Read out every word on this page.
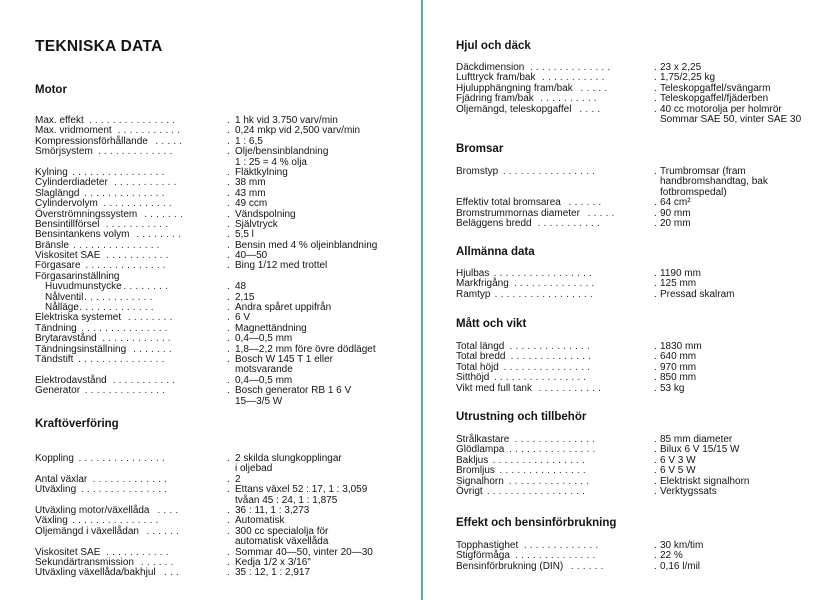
TEKNISKA DATA
Motor
. . . . . . . . . . . . . . .
Max. effekt	. 1 hk vid 3.750 varv/min
. . . . . . . . . . .
Max. vridmoment	. 0,24 mkp vid 2,500 varv/min
. . . . .
Kompressionsförhållande	. 1 : 6,5
. . . . . . . . . . . . .
Smörjsystem	. Olje/bensinblandning
1 : 25 = 4 % olja
. . . . . . . . . . . . . . . .
Kylning	. Fläktkylning
. . . . . . . . . . .
Cylinderdiadeter	. 38 mm
. . . . . . . . . . . . . .
Slaglängd	. 43 mm
. . . . . . . . . . . .
Cylindervolym	. 49 ccm
. . . . . . .
Överströmningssystem	. Vändspolning
. . . . . . . . . . .
Bensintillförsel	. Självtryck
. . . . . . . .
Bensintankens volym	. 5,5 l
. . . . . . . . . . . . . . .
Bränsle	. Bensin med 4 % oljeinblandning
. . . . . . . . . . .
Viskositet SAE	. 40—50
. . . . . . . . . . . . . .
Förgasare	. Bing 1/12 med trottel
Förgasarinställning
. . . . . . . . .
Huvudmunstycke	. 48
. . . . . . . . . . . . .
Nålventil	. 2,15
. . . . . . . . . . . . . .
Nålläge	. Andra spåret uppifrån
. . . . . . . .
Elektriska systemet	. 6 V
. . . . . . . . . . . . . . .
Tändning	. Magnettändning
. . . . . . . . . . . .
Brytaravstånd	. 0,4—0,5 mm
. . . . . . .
Tändningsinställning	. 1,8—2,2 mm före övre dödläget
. . . . . . . . . . . . . . .
Tändstift	. Bosch W 145 T 1 eller
motsvarande
. . . . . . . . . . .
Elektrodavstånd	. 0,4—0,5 mm
. . . . . . . . . . . . . .
Generator	. Bosch generator RB 1 6 V
15—3/5 W
Kraftöverföring
. . . . . . . . . . . . . . .
Koppling	. 2 skilda slungkopplingar
i oljebad
. . . . . . . . . . . . .
Antal växlar	. 2
. . . . . . . . . . . . . . .
Utväxling	. Ettans växel 52 : 17, 1 : 3,059
tvåan 45 : 24, 1 : 1,875
. . . .
Utväxling motor/växellåda	. 36 : 11, 1 : 3,273
. . . . . . . . . . . . . . .
Växling	. Automatisk
. . . . . .
Oljemängd i växellådan	. 300 cc specialolja för
automatisk växellåda
. . . . . . . . . . .
Viskositet SAE	. Sommar 40—50, vinter 20—30
. . . . . .
Sekundärtransmission	. Kedja 1/2 x 3/16"
. . .
Utväxling växellåda/bakhjul	. 35 : 12, 1 : 2,917
Hjul och däck
. . . . . . . . . . . . . .
Däckdimension	. 23 x 2,25
. . . . . . . . . . .
Lufttryck fram/bak	. 1,75/2,25 kg
. . . . .
Hjulupphängning fram/bak	. Teleskopgaffel/svängarm
. . . . . . . . . .
Fjädring fram/bak	. Teleskopgaffel/fjäderben
. . . .
Oljemängd, teleskopgaffel	. 40 cc motorolja per holmrör
Sommar SAE 50, vinter SAE 30
Bromsar
. . . . . . . . . . . . . . . .
Bromstyp	. Trumbromsar (fram
handbromshandtag, bak
fotbromspedal)
. . . . . .
Effektiv total bromsarea	. 64 cm²
. . . . .
Bromstrummornas diameter	. 90 mm
. . . . . . . . . . .
Beläggens bredd	. 20 mm
Allmänna data
. . . . . . . . . . . . . . . . .
Hjulbas	. 1190 mm
. . . . . . . . . . . . . .
Markfrigång	. 125 mm
. . . . . . . . . . . . . . . . .
Ramtyp	. Pressad skalram
Mått och vikt
. . . . . . . . . . . . . .
Total längd	. 1830 mm
. . . . . . . . . . . . . .
Total bredd	. 640 mm
. . . . . . . . . . . . . . .
Total höjd	. 970 mm
. . . . . . . . . . . . . . . .
Sitthöjd	. 850 mm
. . . . . . . . . . .
Vikt med full tank	. 53 kg
Utrustning och tillbehör
. . . . . . . . . . . . . .
Strålkastare	. 85 mm diameter
. . . . . . . . . . . . . . .
Glödlampa	. Bilux 6 V 15/15 W
. . . . . . . . . . . . . . . .
Bakljus	. 6 V 3 W
. . . . . . . . . . . . . . .
Bromljus	. 6 V 5 W
. . . . . . . . . . . . . .
Signalhorn	. Elektriskt signalhorn
. . . . . . . . . . . . . . . . .
Övrigt	. Verktygssats
Effekt och bensinförbrukning
. . . . . . . . . . . . .
Topphastighet	. 30 km/tim
. . . . . . . . . . . . . .
Stigförmåga	. 22 %
. . . . . .
Bensinförbrukning (DIN)	. 0,16 l/mil
